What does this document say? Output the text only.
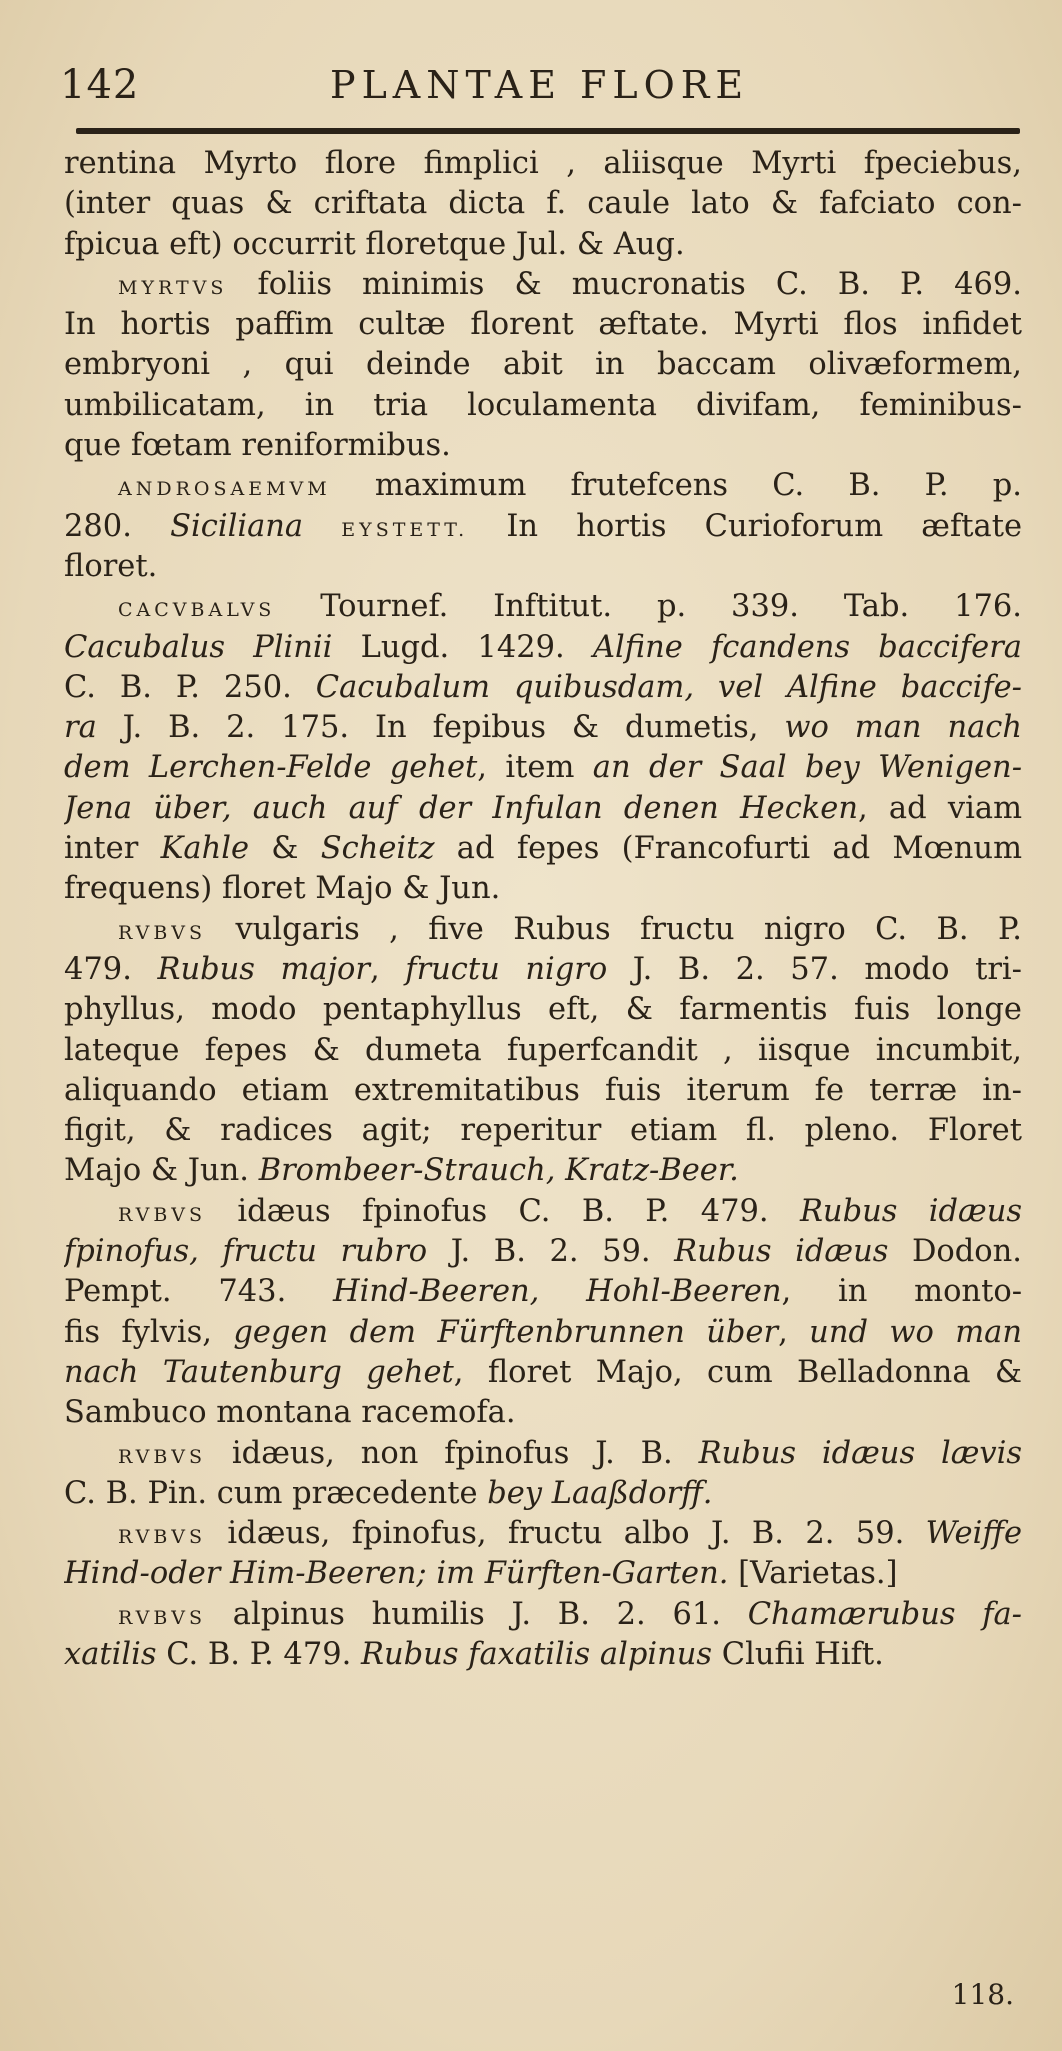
142	PLANTAE FLORE
rentina Myrto flore fimplici , aliisque Myrti fpeciebus,
(inter quas & criftata dicta f. caule lato & fafciato con-
fpicua eft) occurrit floretque Jul. & Aug.
MYRTVS foliis minimis & mucronatis C. B. P. 469.
In hortis paffim cultæ florent æftate. Myrti flos infidet
embryoni , qui deinde abit in baccam olivæformem,
umbilicatam, in tria loculamenta divifam, feminibus-
que fœtam reniformibus.
ANDROSAEMVM maximum frutefcens C. B. P. p.
280. Siciliana EYSTETT. In hortis Curioforum æftate
floret.
CACVBALVS Tournef. Inftitut. p. 339. Tab. 176.
Cacubalus Plinii Lugd. 1429. Alfine fcandens baccifera
C. B. P. 250. Cacubalum quibusdam, vel Alfine baccife-
ra J. B. 2. 175. In fepibus & dumetis, wo man nach
dem Lerchen-Felde gehet, item an der Saal bey Wenigen-
Jena über, auch auf der Infulan denen Hecken, ad viam
inter Kahle & Scheitz ad fepes (Francofurti ad Mœnum
frequens) floret Majo & Jun.
RVBVS vulgaris , five Rubus fructu nigro C. B. P.
479. Rubus major, fructu nigro J. B. 2. 57. modo tri-
phyllus, modo pentaphyllus eft, & farmentis fuis longe
lateque fepes & dumeta fuperfcandit , iisque incumbit,
aliquando etiam extremitatibus fuis iterum fe terræ in-
figit, & radices agit; reperitur etiam fl. pleno. Floret
Majo & Jun. Brombeer-Strauch, Kratz-Beer.
RVBVS idæus fpinofus C. B. P. 479. Rubus idæus
fpinofus, fructu rubro J. B. 2. 59. Rubus idæus Dodon.
Pempt. 743. Hind-Beeren, Hohl-Beeren, in monto-
fis fylvis, gegen dem Fürftenbrunnen über, und wo man
nach Tautenburg gehet, floret Majo, cum Belladonna &
Sambuco montana racemofa.
RVBVS idæus, non fpinofus J. B. Rubus idæus lævis
C. B. Pin. cum præcedente bey Laaßdorff.
RVBVS idæus, fpinofus, fructu albo J. B. 2. 59. Weiffe
Hind-oder Him-Beeren; im Fürften-Garten. [Varietas.]
RVBVS alpinus humilis J. B. 2. 61. Chamærubus fa-
xatilis C. B. P. 479. Rubus faxatilis alpinus Clufii Hift.
118.
